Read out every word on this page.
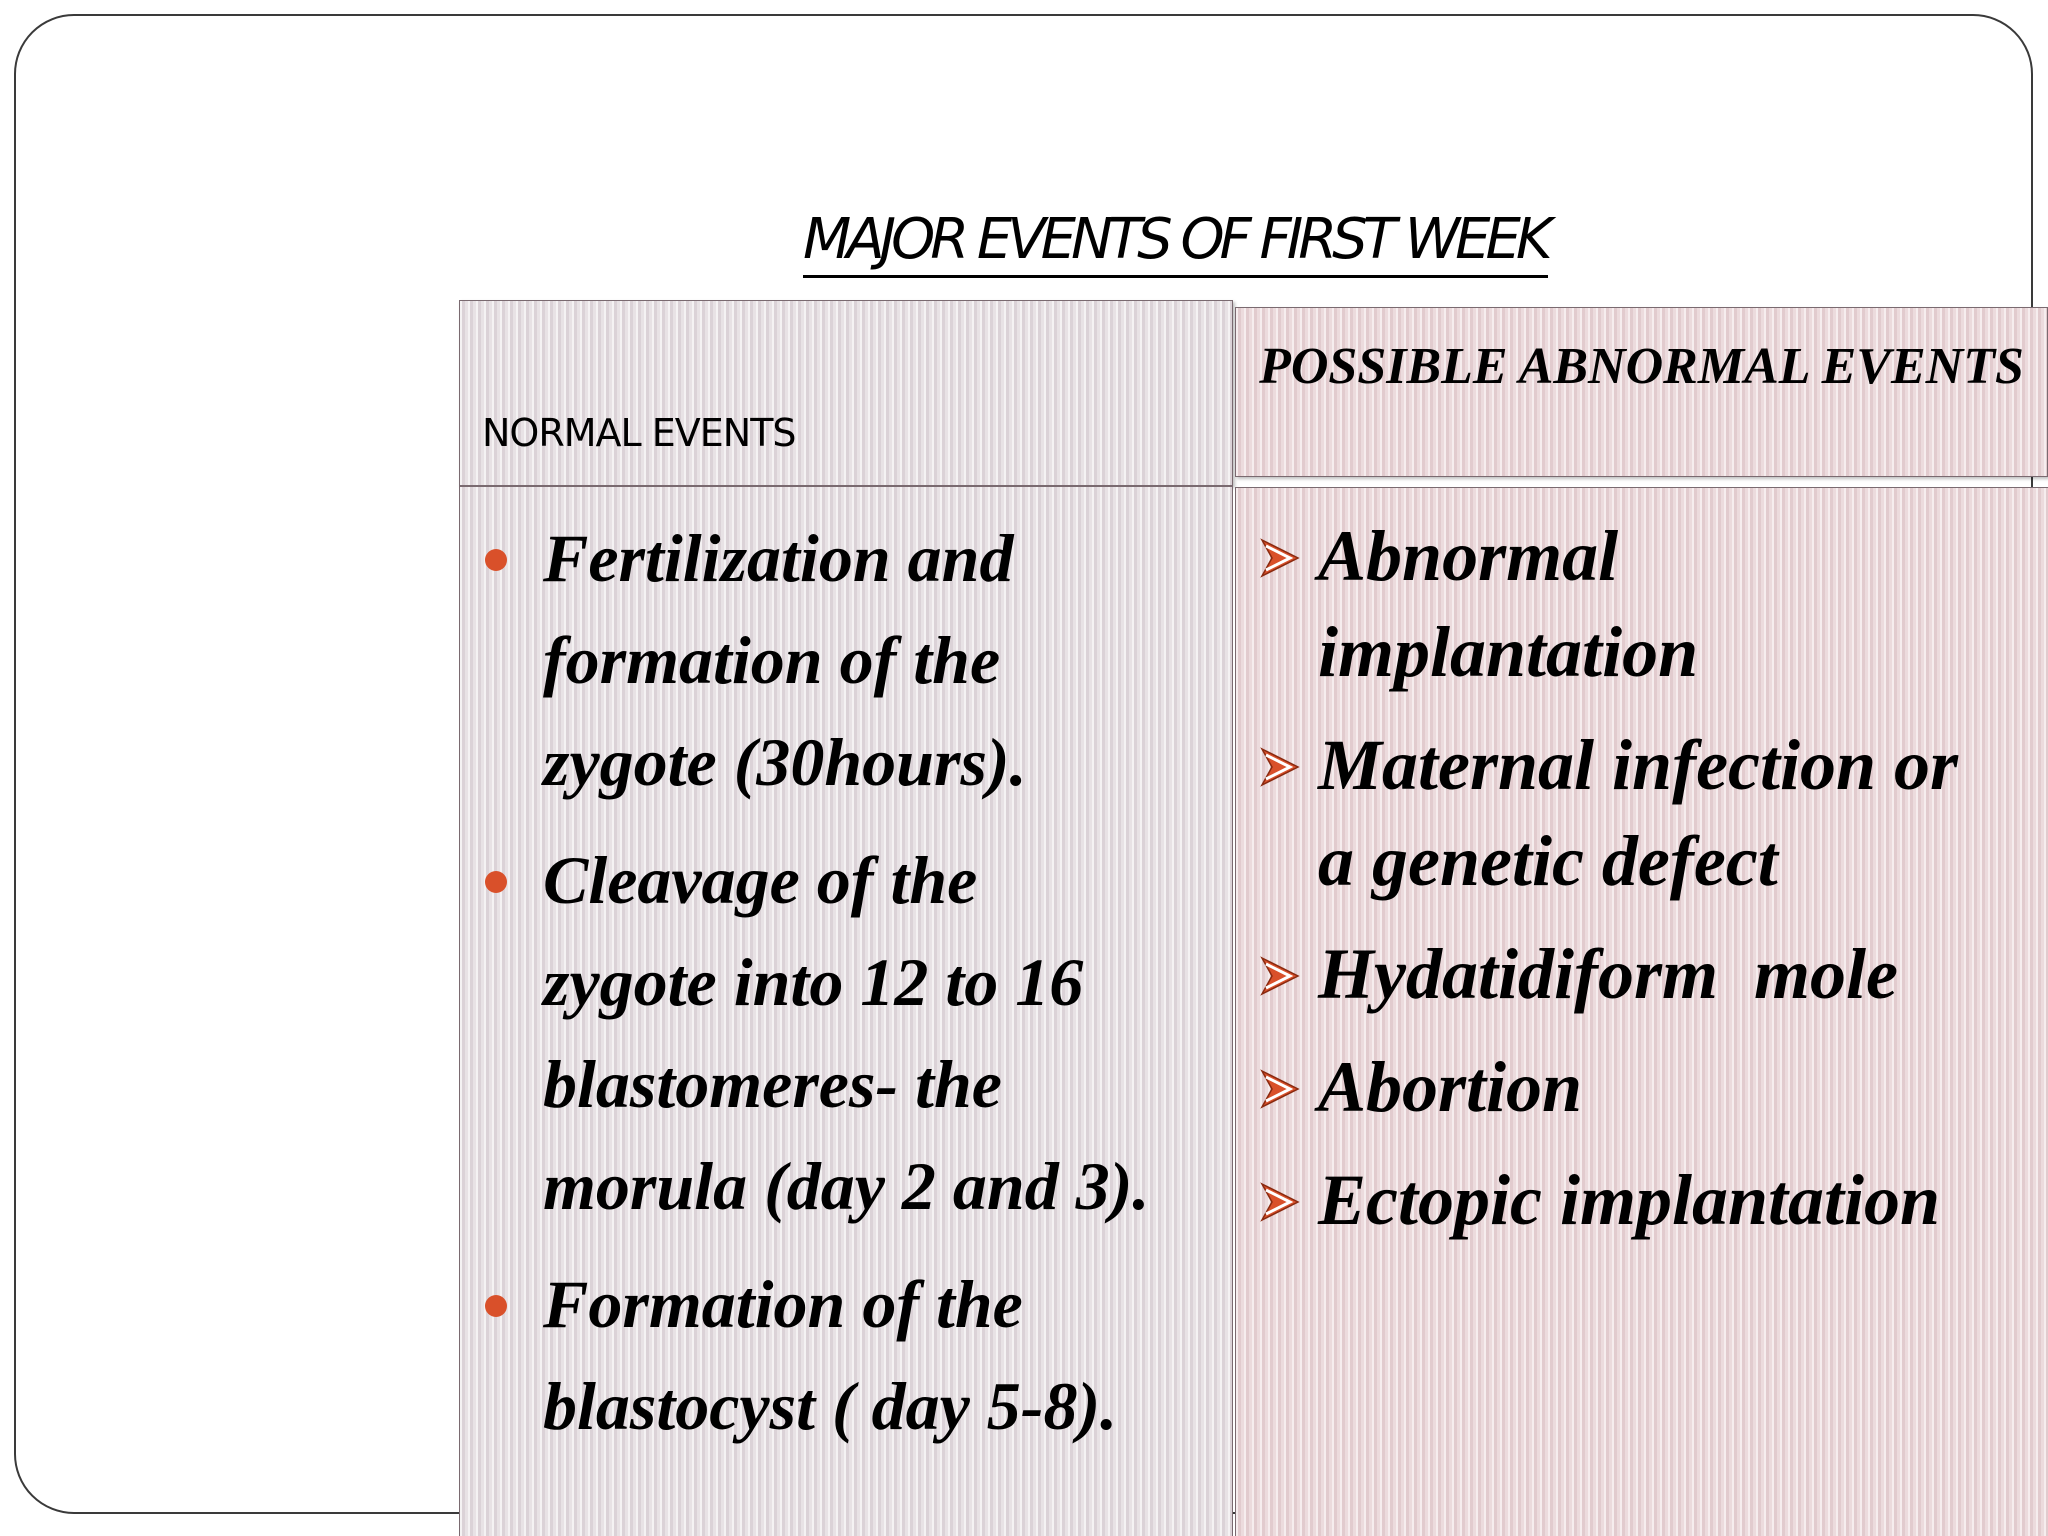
MAJOR EVENTS OF FIRST WEEK
NORMAL EVENTS
POSSIBLE ABNORMAL EVENTS
Fertilization and
formation of the
zygote (30hours).
Cleavage of the
zygote into 12 to 16
blastomeres- the
morula (day 2 and 3).
Formation of the
blastocyst ( day 5-8).
Abnormal
implantation
Maternal infection or
a genetic defect
Hydatidiform  mole
Abortion
Ectopic implantation
